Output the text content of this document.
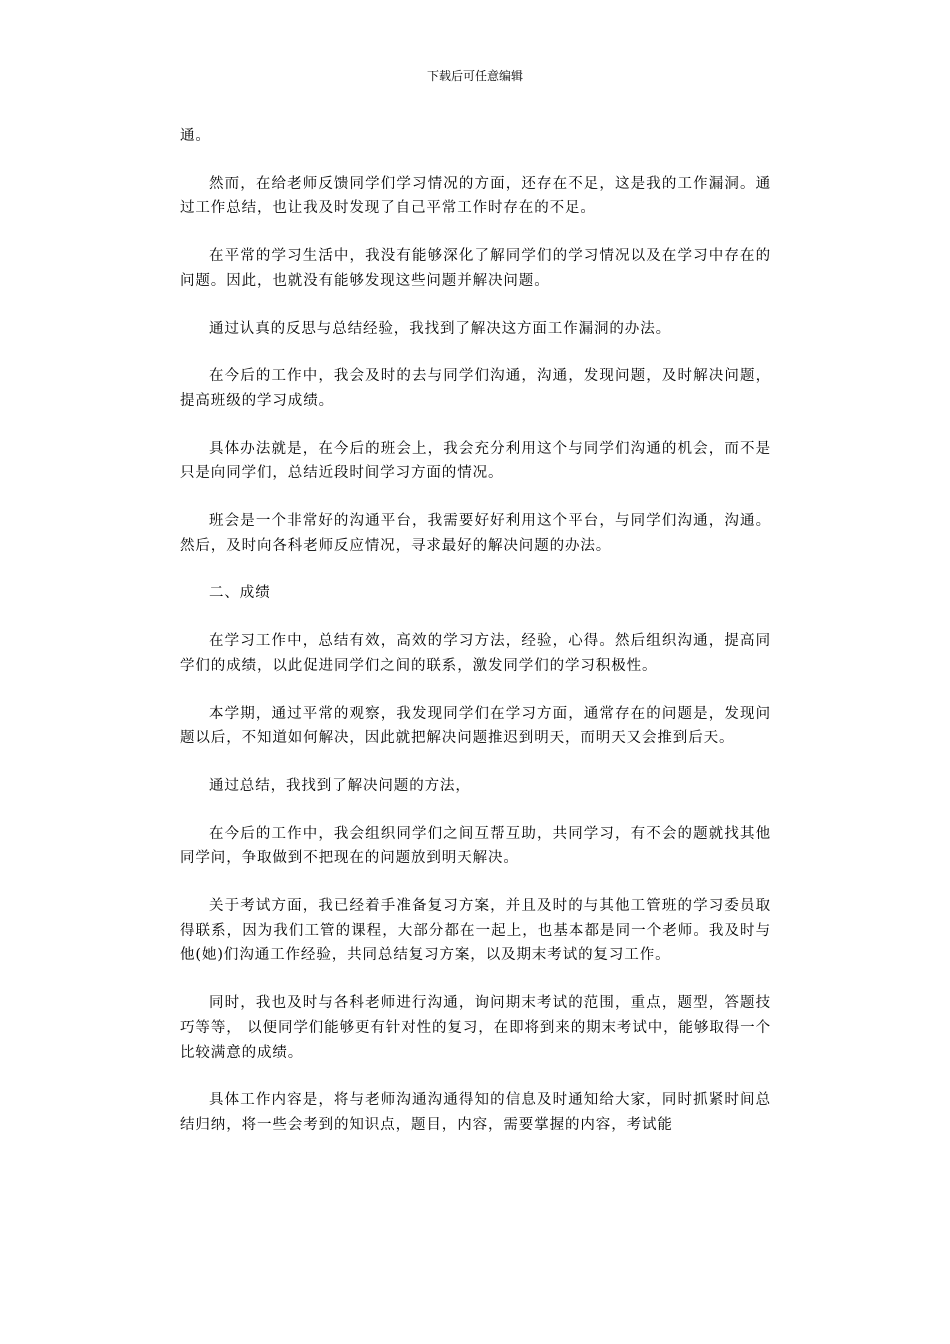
下载后可任意编辑

通。

然而，在给老师反馈同学们学习情况的方面，还存在不足，这是我的工作漏洞。通过工作总结，也让我及时发现了自己平常工作时存在的不足。

在平常的学习生活中，我没有能够深化了解同学们的学习情况以及在学习中存在的问题。因此，也就没有能够发现这些问题并解决问题。

通过认真的反思与总结经验，我找到了解决这方面工作漏洞的办法。

在今后的工作中，我会及时的去与同学们沟通，沟通，发现问题，及时解决问题，提高班级的学习成绩。

具体办法就是，在今后的班会上，我会充分利用这个与同学们沟通的机会，而不是只是向同学们，总结近段时间学习方面的情况。

班会是一个非常好的沟通平台，我需要好好利用这个平台，与同学们沟通，沟通。然后，及时向各科老师反应情况，寻求最好的解决问题的办法。

二、成绩

在学习工作中，总结有效，高效的学习方法，经验，心得。然后组织沟通，提高同学们的成绩，以此促进同学们之间的联系，激发同学们的学习积极性。

本学期，通过平常的观察，我发现同学们在学习方面，通常存在的问题是，发现问题以后，不知道如何解决，因此就把解决问题推迟到明天，而明天又会推到后天。

通过总结，我找到了解决问题的方法，

在今后的工作中，我会组织同学们之间互帮互助，共同学习，有不会的题就找其他同学问，争取做到不把现在的问题放到明天解决。

关于考试方面，我已经着手准备复习方案，并且及时的与其他工管班的学习委员取得联系，因为我们工管的课程，大部分都在一起上，也基本都是同一个老师。我及时与他(她)们沟通工作经验，共同总结复习方案，以及期末考试的复习工作。

同时，我也及时与各科老师进行沟通，询问期末考试的范围，重点，题型，答题技巧等等， 以便同学们能够更有针对性的复习，在即将到来的期末考试中，能够取得一个比较满意的成绩。

具体工作内容是，将与老师沟通沟通得知的信息及时通知给大家，同时抓紧时间总结归纳，将一些会考到的知识点，题目，内容，需要掌握的内容，考试能
